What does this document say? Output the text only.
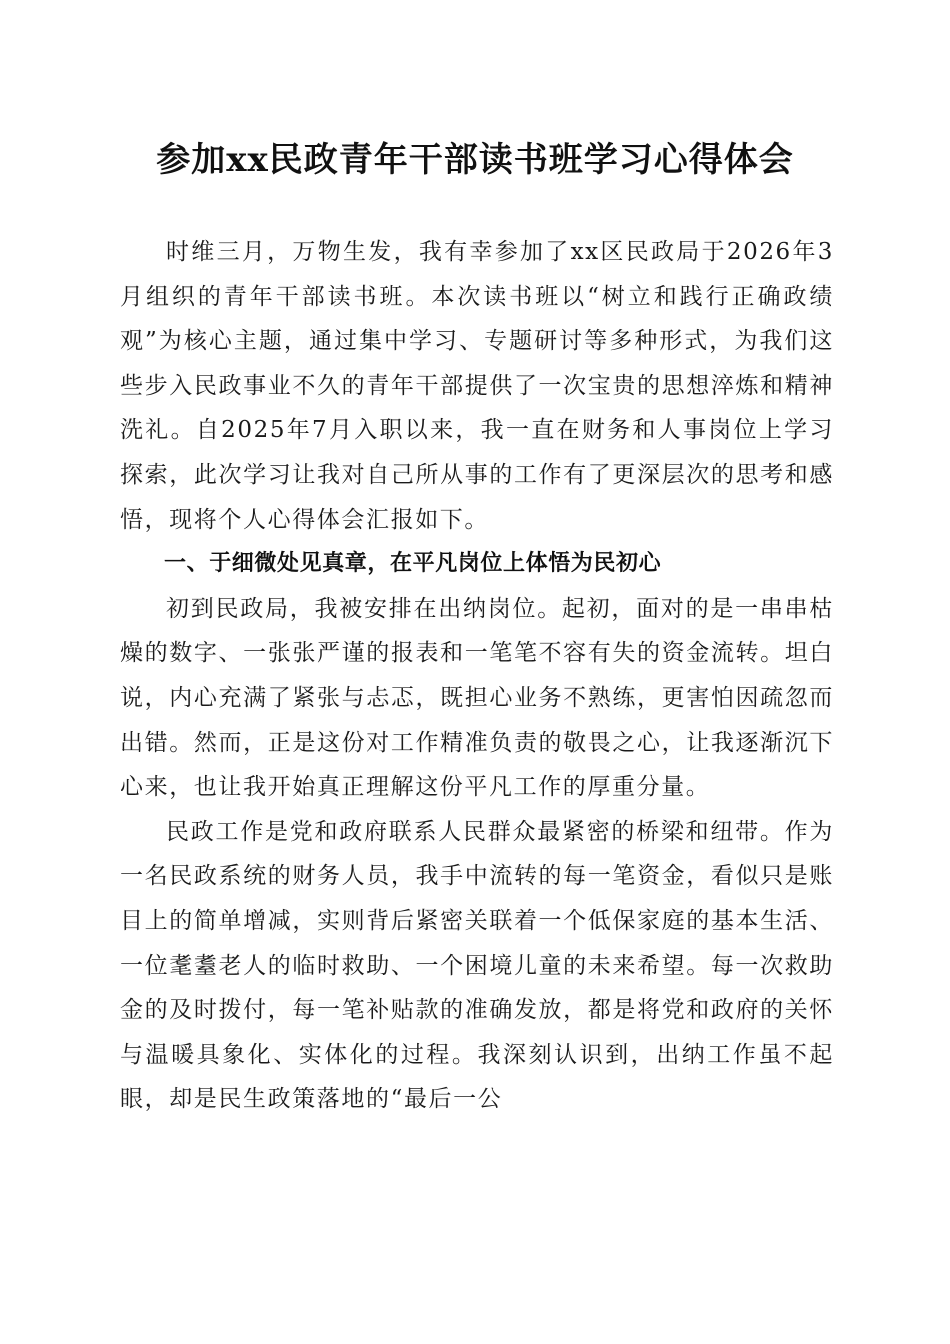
参加xx民政青年干部读书班学习心得体会

时维三月，万物生发，我有幸参加了xx区民政局于2026年3月组织的青年干部读书班。本次读书班以“树立和践行正确政绩观”为核心主题，通过集中学习、专题研讨等多种形式，为我们这些步入民政事业不久的青年干部提供了一次宝贵的思想淬炼和精神洗礼。自2025年7月入职以来，我一直在财务和人事岗位上学习探索，此次学习让我对自己所从事的工作有了更深层次的思考和感悟，现将个人心得体会汇报如下。

一、于细微处见真章，在平凡岗位上体悟为民初心

初到民政局，我被安排在出纳岗位。起初，面对的是一串串枯燥的数字、一张张严谨的报表和一笔笔不容有失的资金流转。坦白说，内心充满了紧张与忐忑，既担心业务不熟练，更害怕因疏忽而出错。然而，正是这份对工作精准负责的敬畏之心，让我逐渐沉下心来，也让我开始真正理解这份平凡工作的厚重分量。

民政工作是党和政府联系人民群众最紧密的桥梁和纽带。作为一名民政系统的财务人员，我手中流转的每一笔资金，看似只是账目上的简单增减，实则背后紧密关联着一个低保家庭的基本生活、一位耄耋老人的临时救助、一个困境儿童的未来希望。每一次救助金的及时拨付，每一笔补贴款的准确发放，都是将党和政府的关怀与温暖具象化、实体化的过程。我深刻认识到，出纳工作虽不起眼，却是民生政策落地的“最后一公
